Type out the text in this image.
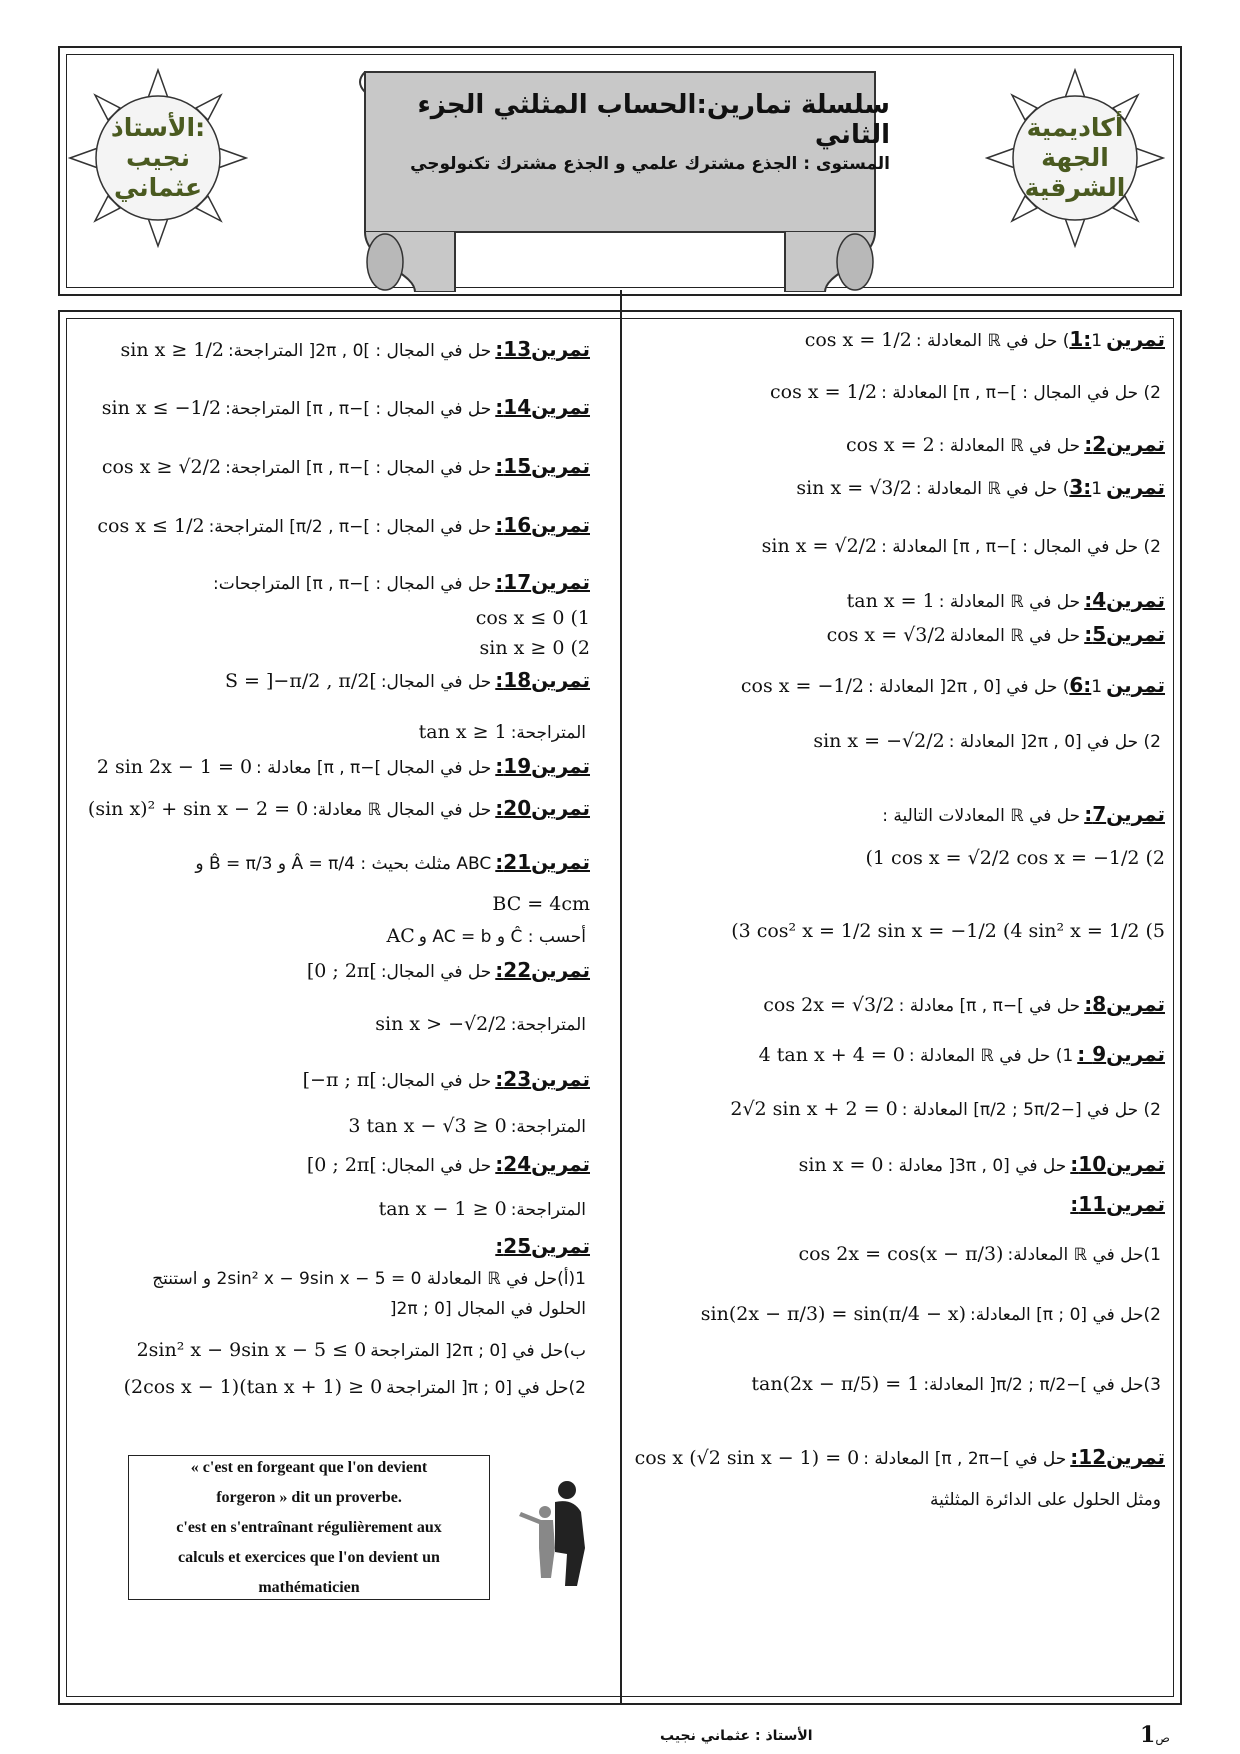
الأستاذ:
نجيب
عثماني
أكاديمية
الجهة
الشرقية
سلسلة تمارين:الحساب المثلثي الجزء الثاني
المستوى : الجذع مشترك علمي و الجذع مشترك تكنولوجي
تمرين1:1) حل في ℝ المعادلة :cos x = 1/2
2) حل في المجال : ]−π , π] المعادلة :cos x = 1/2
تمرين2:حل في ℝ المعادلة :cos x = 2
تمرين3:1) حل في ℝ المعادلة :sin x = √3/2
2) حل في المجال : ]−π , π] المعادلة :sin x = √2/2
تمرين4:حل في ℝ المعادلة :tan x = 1
تمرين5:حل في ℝ المعادلةcos x = √3/2
تمرين6:1) حل في [0 , 2π[ المعادلة :cos x = −1/2
2) حل في [0 , 2π[ المعادلة :sin x = −√2/2
تمرين7:حل في ℝ المعادلات التالية :
(1 cos x = √2/2 cos x = −1/2 (2
(3 cos² x = 1/2 sin x = −1/2 (4 sin² x = 1/2 (5
تمرين8:حل في ]−π , π] معادلة :cos 2x = √3/2
تمرين9 :1) حل في ℝ المعادلة :4 tan x + 4 = 0
2) حل في [−π/2 ; 5π/2] المعادلة :2√2 sin x + 2 = 0
تمرين10:حل في [0 , 3π[ معادلة :sin x = 0
تمرين11:
1)حل في ℝ المعادلة:cos 2x = cos(x − π/3)
2)حل في [0 ; π] المعادلة:sin(2x − π/3) = sin(π/4 − x)
3)حل في ]−π/2 ; π/2[ المعادلة:tan(2x − π/5) = 1
تمرين12:حل في ]−π , 2π] المعادلة :cos x (√2 sin x − 1) = 0
ومثل الحلول على الدائرة المثلثية
تمرين13:حل في المجال : ]0 , 2π[ المتراجحة:sin x ≥ 1/2
تمرين14:حل في المجال : ]−π , π] المتراجحة:sin x ≤ −1/2
تمرين15:حل في المجال : ]−π , π] المتراجحة:cos x ≥ √2/2
تمرين16:حل في المجال : ]−π/2 , π] المتراجحة:cos x ≤ 1/2
تمرين17:حل في المجال : ]−π , π] المتراجحات:
cos x ≤ 0 (1
sin x ≥ 0 (2
تمرين18:حل في المجال:S = ]−π/2 , π/2[
المتراجحة:tan x ≥ 1
تمرين19:حل في المجال ]−π , π] معادلة :2 sin 2x − 1 = 0
تمرين20:حل في المجال ℝ معادلة:(sin x)² + sin x − 2 = 0
تمرين21:ABC مثلث بحيث : Â = π/4 و B̂ = π/3 و
BC = 4cm
أحسب : Ĉ و AC = b وAC
تمرين22:حل في المجال:[0 ; 2π[
المتراجحة:sin x > −√2/2
تمرين23:حل في المجال:[−π ; π[
المتراجحة:3 tan x − √3 ≥ 0
تمرين24:حل في المجال:[0 ; 2π[
المتراجحة:tan x − 1 ≥ 0
تمرين25:
1(أ)حل في ℝ المعادلة 2sin² x − 9sin x − 5 = 0 و استنتج
الحلول في المجال [0 ; 2π[
ب)حل في [0 ; 2π[ المتراجحة2sin² x − 9sin x − 5 ≤ 0
2)حل في [0 ; π[ المتراجحة(2cos x − 1)(tan x + 1) ≥ 0
« c'est en forgeant que l'on devient
forgeron » dit un proverbe.
c'est en s'entraînant régulièrement aux
calculs et exercices que l'on devient un
mathématicien
الأستاذ : عثماني نجيب	1ص
